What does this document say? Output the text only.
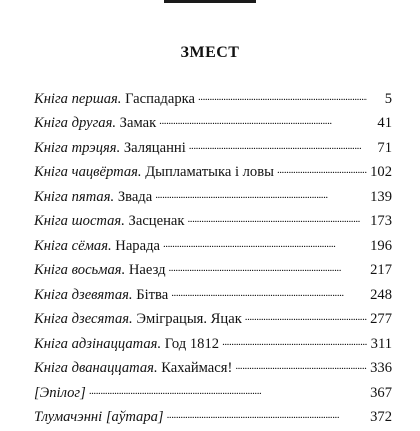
ЗМЕСТ
Кніга першая. Гаспадарка . . .	5
Кніга другая. Замак . . .	41
Кніга трэцяя. Заляцанні . . .	71
Кніга чацвёртая. Дыпламатыка і ловы . . .	102
Кніга пятая. Звада . . .	139
Кніга шостая. Засценак . . .	173
Кніга сёмая. Нарада . . .	196
Кніга восьмая. Наезд . . .	217
Кніга дзевятая. Бітва . . .	248
Кніга дзесятая. Эміграцыя. Яцак . . .	277
Кніга адзінаццатая. Год 1812 . . .	311
Кніга дванаццатая. Кахаймася! . . .	336
[Эпілог] . . .	367
Тлумачэнні [аўтара] . . .	372
